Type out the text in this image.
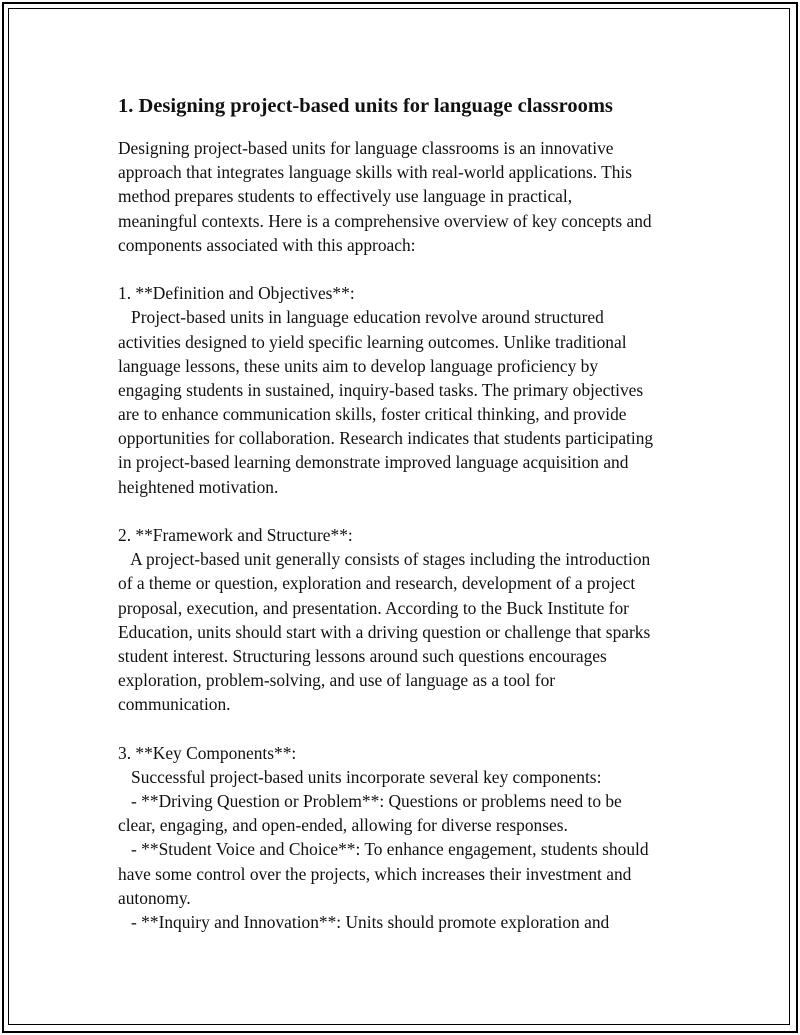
1. Designing project-based units for language classrooms
Designing project-based units for language classrooms is an innovative
approach that integrates language skills with real-world applications. This
method prepares students to effectively use language in practical,
meaningful contexts. Here is a comprehensive overview of key concepts and
components associated with this approach:
1. **Definition and Objectives**:
Project-based units in language education revolve around structured
activities designed to yield specific learning outcomes. Unlike traditional
language lessons, these units aim to develop language proficiency by
engaging students in sustained, inquiry-based tasks. The primary objectives
are to enhance communication skills, foster critical thinking, and provide
opportunities for collaboration. Research indicates that students participating
in project-based learning demonstrate improved language acquisition and
heightened motivation.
2. **Framework and Structure**:
A project-based unit generally consists of stages including the introduction
of a theme or question, exploration and research, development of a project
proposal, execution, and presentation. According to the Buck Institute for
Education, units should start with a driving question or challenge that sparks
student interest. Structuring lessons around such questions encourages
exploration, problem-solving, and use of language as a tool for
communication.
3. **Key Components**:
Successful project-based units incorporate several key components:
- **Driving Question or Problem**: Questions or problems need to be
clear, engaging, and open-ended, allowing for diverse responses.
- **Student Voice and Choice**: To enhance engagement, students should
have some control over the projects, which increases their investment and
autonomy.
- **Inquiry and Innovation**: Units should promote exploration and
